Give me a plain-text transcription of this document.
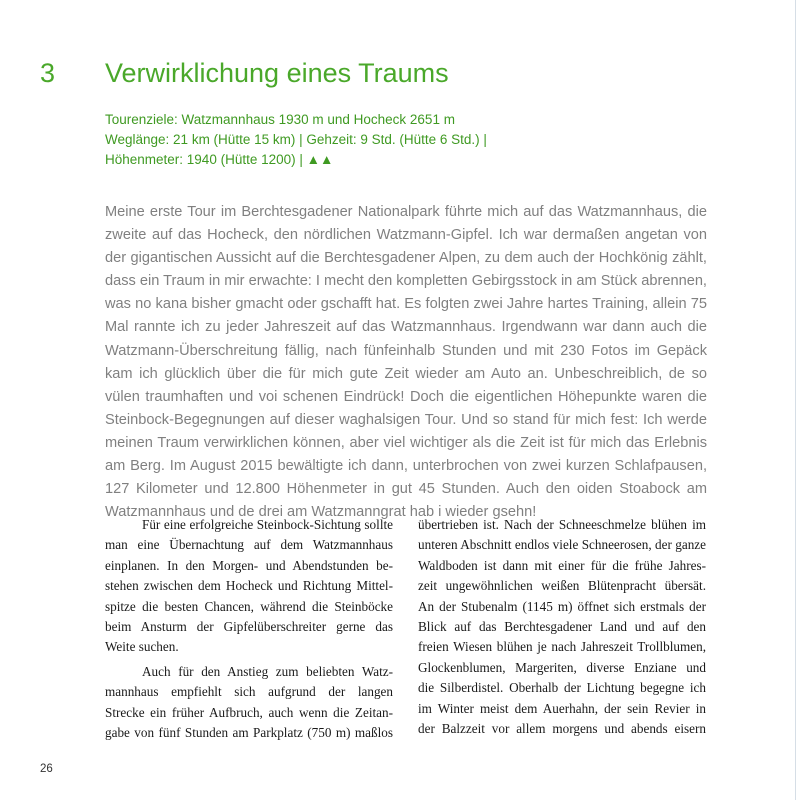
3 Verwirklichung eines Traums
Tourenziele: Watzmannhaus 1930 m und Hocheck 2651 m
Weglänge: 21 km (Hütte 15 km) | Gehzeit: 9 Std. (Hütte 6 Std.) |
Höhenmeter: 1940 (Hütte 1200) | ▲▲
Meine erste Tour im Berchtesgadener Nationalpark führte mich auf das Watzmannhaus, die
zweite auf das Hocheck, den nördlichen Watzmann-Gipfel. Ich war dermaßen angetan von
der gigantischen Aussicht auf die Berchtesgadener Alpen, zu dem auch der Hochkönig zählt,
dass ein Traum in mir erwachte: I mecht den kompletten Gebirgsstock in am Stück abrennen,
was no kana bisher gmacht oder gschafft hat. Es folgten zwei Jahre hartes Training, allein 75
Mal rannte ich zu jeder Jahreszeit auf das Watzmannhaus. Irgendwann war dann auch die
Watzmann-Überschreitung fällig, nach fünfeinhalb Stunden und mit 230 Fotos im Gepäck
kam ich glücklich über die für mich gute Zeit wieder am Auto an. Unbeschreiblich, de so
vülen traumhaften und voi schenen Eindrück! Doch die eigentlichen Höhepunkte waren die
Steinbock-Begegnungen auf dieser waghalsigen Tour. Und so stand für mich fest: Ich werde
meinen Traum verwirklichen können, aber viel wichtiger als die Zeit ist für mich das Erlebnis
am Berg. Im August 2015 bewältigte ich dann, unterbrochen von zwei kurzen Schlafpausen,
127 Kilometer und 12.800 Höhenmeter in gut 45 Stunden. Auch den oiden Stoabock am
Watzmannhaus und de drei am Watzmanngrat hab i wieder gsehn!
Für eine erfolgreiche Steinbock-Sichtung sollte
man eine Übernachtung auf dem Watzmannhaus
einplanen. In den Morgen- und Abendstunden be-
stehen zwischen dem Hocheck und Richtung Mittel-
spitze die besten Chancen, während die Steinböcke
beim Ansturm der Gipfelüberschreiter gerne das
Weite suchen.
Auch für den Anstieg zum beliebten Watz-
mannhaus empfiehlt sich aufgrund der langen
Strecke ein früher Aufbruch, auch wenn die Zeitan-
gabe von fünf Stunden am Parkplatz (750 m) maßlos
übertrieben ist. Nach der Schneeschmelze blühen im
unteren Abschnitt endlos viele Schneerosen, der ganze
Waldboden ist dann mit einer für die frühe Jahres-
zeit ungewöhnlichen weißen Blütenpracht übersät.
An der Stubenalm (1145 m) öffnet sich erstmals der
Blick auf das Berchtesgadener Land und auf den
freien Wiesen blühen je nach Jahreszeit Trollblumen,
Glockenblumen, Margeriten, diverse Enziane und
die Silberdistel. Oberhalb der Lichtung begegne ich
im Winter meist dem Auerhahn, der sein Revier in
der Balzzeit vor allem morgens und abends eisern
26
